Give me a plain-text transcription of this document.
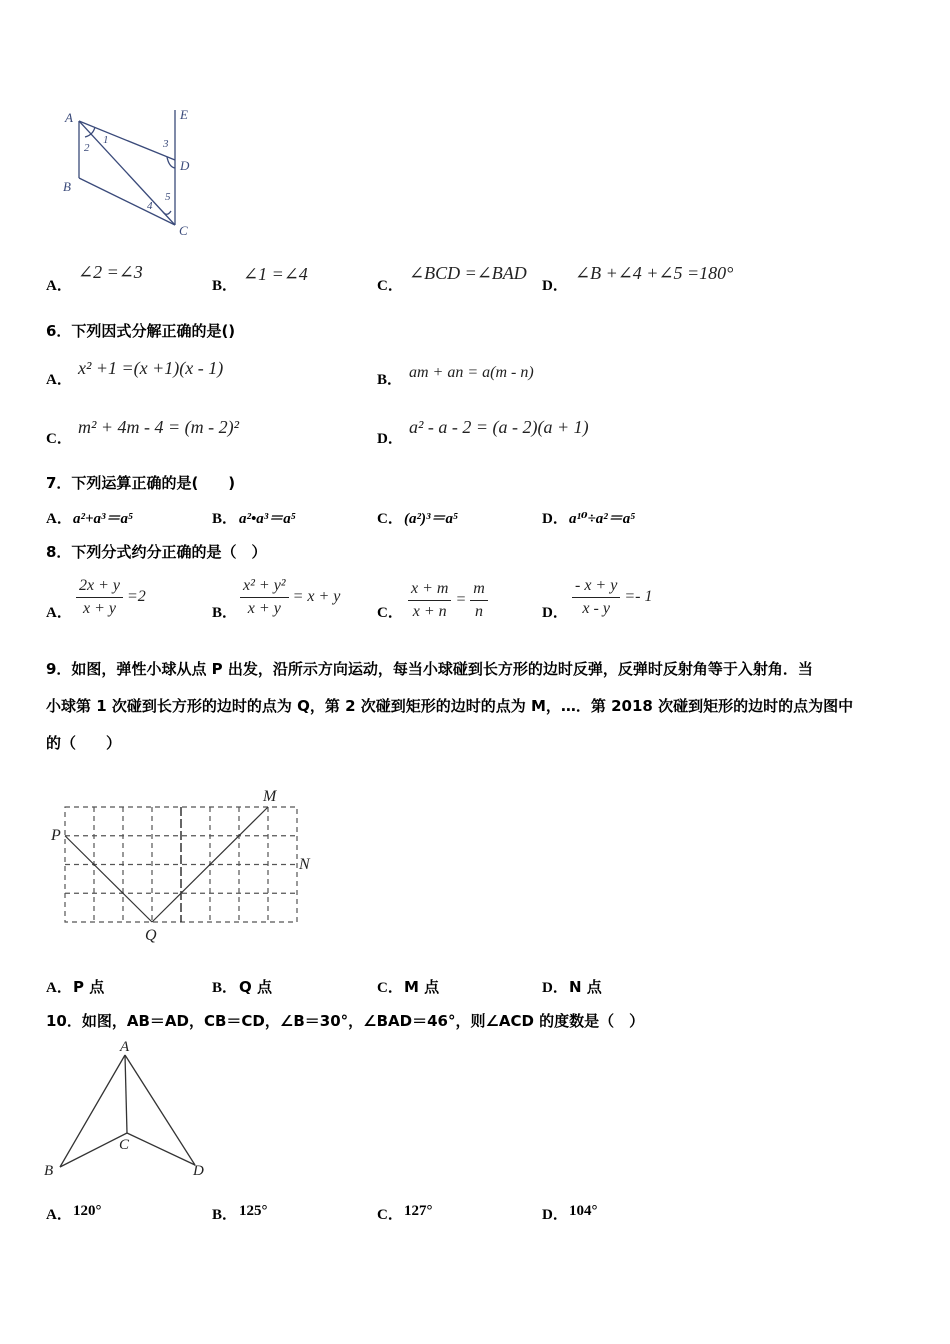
A
B
C
D
E
1
2	3
4
5
A．
∠2 =∠3
B．
∠1 =∠4
C．
∠BCD =∠BAD
D．
∠B +∠4 +∠5 =180°
6．下列因式分解正确的是()
A．
x² +1 =(x +1)(x - 1)
B． am + an = a(m - n)
C．
m² + 4m - 4 = (m - 2)²
D．
a² - a - 2 = (a - 2)(a + 1)
7．下列运算正确的是(　　)
A． a²+a³＝a⁵	B． a²•a³＝a⁵	C． (a²)³＝a⁵	D． a¹⁰÷a²＝a⁵
8．下列分式约分正确的是（　）
A． $\frac{2x + y}{x + y} =2$
B． $\frac{\text{x² + y²}}{x + y} = x + y$
C． $\frac{x + m}{x + n} = \frac{m}{n}$	D． $\frac{- x + y}{x - y} =- 1$
9．如图，弹性小球从点 P 出发，沿所示方向运动，每当小球碰到长方形的边时反弹，反弹时反射角等于入射角．当
小球第 1 次碰到长方形的边时的点为 Q，第 2 次碰到矩形的边时的点为 M，…．第 2018 次碰到矩形的边时的点为图中
的（　　）
P
Q
M
N
A． P 点	B． Q 点	C． M 点	D． N 点
10．如图，AB＝AD，CB＝CD，∠B＝30°，∠BAD＝46°，则∠ACD 的度数是（　）
A
B
C
D
A． 120°	B． 125°	C． 127°	D． 104°
